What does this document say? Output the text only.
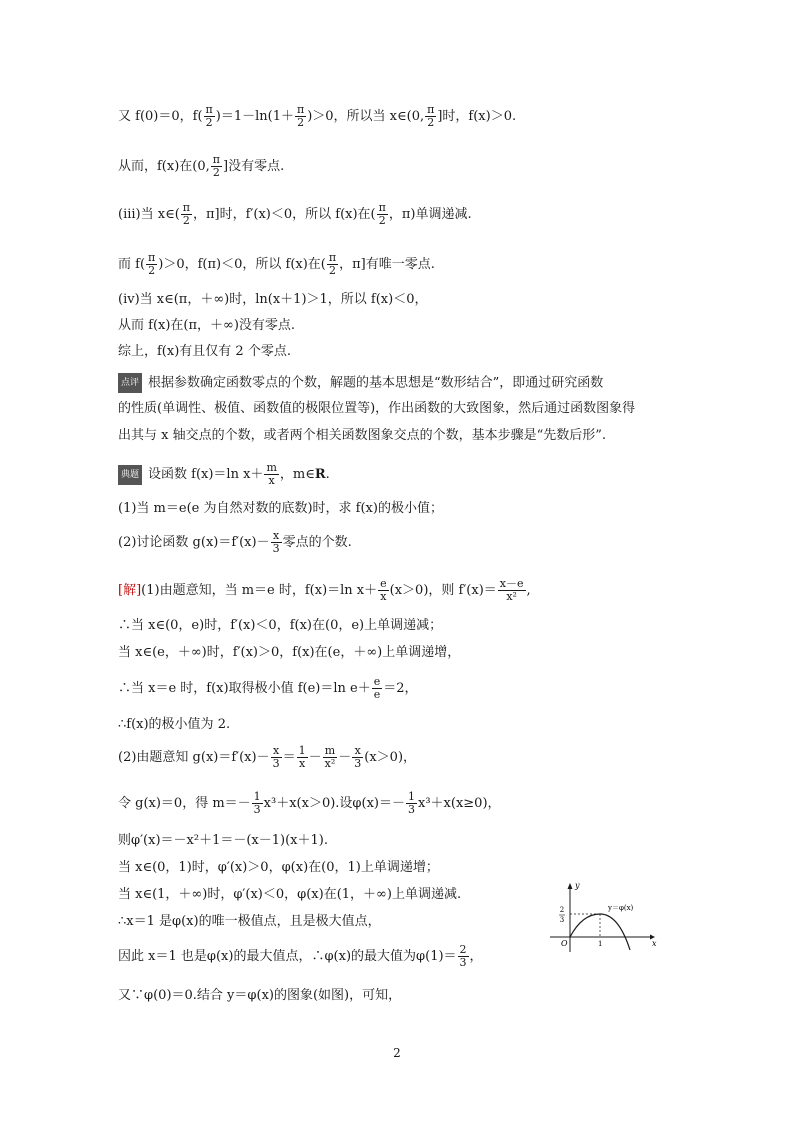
又 f(0)＝0，$f( \frac{\pi}{2} )=1-\ln(1+ \frac{\pi}{2} )>0$，所以当 x∈(0, $\frac{\pi}{2}$ ]时，f(x)＞0.
从而，f(x)在(0, $\frac{\pi}{2}$ ]没有零点.
(iii)当 x∈( $\frac{\pi}{2}$ ，π]时，f′(x)＜0，所以 f(x)在( $\frac{\pi}{2}$ ，π)单调递减.
而 $f( \frac{\pi}{2} )>0$，f(π)＜0，所以 f(x)在( $\frac{\pi}{2}$ ，π]有唯一零点.
(iv)当 x∈(π，＋∞)时，ln(x＋1)＞1，所以 f(x)＜0，
从而 f(x)在(π，＋∞)没有零点.
综上，f(x)有且仅有 2 个零点.
点评 根据参数确定函数零点的个数，解题的基本思想是“数形结合”，即通过研究函数
的性质(单调性、极值、函数值的极限位置等)，作出函数的大致图象，然后通过函数图象得
出其与 x 轴交点的个数，或者两个相关函数图象交点的个数，基本步骤是“先数后形”.
典题 设函数 f(x)＝ln $x+ \frac{m}{x}$ ，m∈R.
(1)当 m＝e(e 为自然对数的底数)时，求 f(x)的极小值；
(2)讨论函数 $g(x)=f'(x)- \frac{x}{3}$ 零点的个数.
[解](1)由题意知，当 m＝e 时，f(x)＝ln $x+ \frac{e}{x} (x>0)$，则 $f'(x)= \frac{x-e}{\text{x²}}$ ,
∴当 x∈(0，e)时，f′(x)＜0，f(x)在(0，e)上单调递减；
当 x∈(e，＋∞)时，f′(x)＞0，f(x)在(e，＋∞)上单调递增，
∴当 x＝e 时，f(x)取得极小值 f(e)＝ln $e+ \frac{e}{e} =2$，
∴f(x)的极小值为 2.
(2)由题意知 $g(x)=f'(x)- \frac{x}{3} = \frac{1}{x} - \frac{m}{\text{x²}} - \frac{x}{3} (x>0)$，
令 g(x)＝0，得 $m=- \frac{1}{3} x^3+x(x>0)$.设$\varphi(x)=- \frac{1}{3} x^3+x(x\ge 0)$，
则φ′(x)＝－x²＋1＝－(x－1)(x＋1).
当 x∈(0，1)时，φ′(x)＞0，φ(x)在(0，1)上单调递增；
当 x∈(1，＋∞)时，φ′(x)＜0，φ(x)在(1，＋∞)上单调递减.
∴x＝1 是φ(x)的唯一极值点，且是极大值点，
因此 x＝1 也是φ(x)的最大值点，∴φ(x)的最大值为$\varphi(1)= \frac{2}{3}$ ，
又∵φ(0)＝0.结合 y＝φ(x)的图象(如图)，可知，
2
3
y
x
O	1
y＝φ(x)
2
